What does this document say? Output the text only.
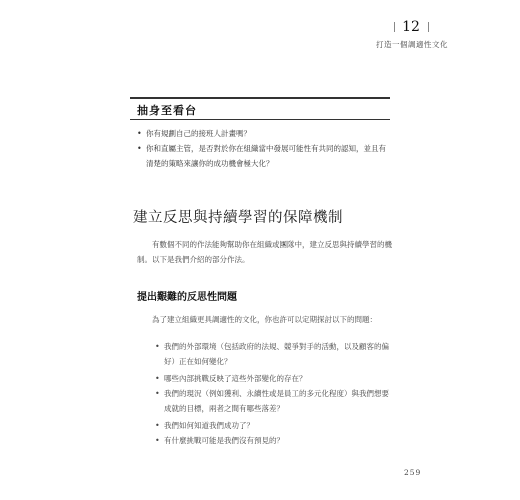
12
打造一個調適性文化
抽身至看台
• 你有規劃自己的接班人計畫嗎？
• 你和直屬主管，是否對於你在組織當中發展可能性有共同的認知，並且有清楚的策略來讓你的成功機會極大化？
建立反思與持續學習的保障機制
有數個不同的作法能夠幫助你在組織或團隊中，建立反思與持續學習的機制。以下是我們介紹的部分作法。
提出艱難的反思性問題
為了建立組織更具調適性的文化，你也許可以定期探討以下的問題：
• 我們的外部環境（包括政府的法規、競爭對手的活動，以及顧客的偏好）正在如何變化？
• 哪些內部挑戰反映了這些外部變化的存在？
• 我們的現況（例如獲利、永續性或是員工的多元化程度）與我們想要成就的目標，兩者之間有哪些落差？
• 我們如何知道我們成功了？
• 有什麼挑戰可能是我們沒有預見的？
259
